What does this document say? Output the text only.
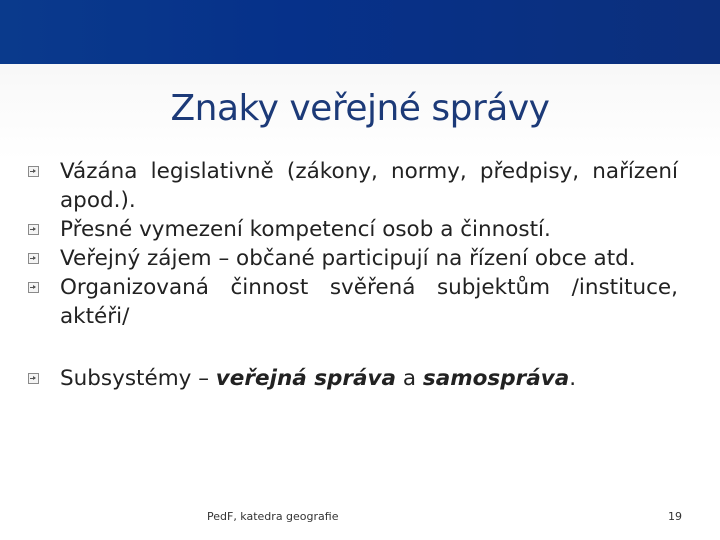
Znaky veřejné správy
Vázána legislativně (zákony, normy, předpisy, nařízení apod.).
Přesné vymezení kompetencí osob a činností.
Veřejný zájem – občané participují na řízení obce atd.
Organizovaná činnost svěřená subjektům /instituce, aktéři/
Subsystémy – veřejná správa a samospráva.
PedF, katedra geografie	19
